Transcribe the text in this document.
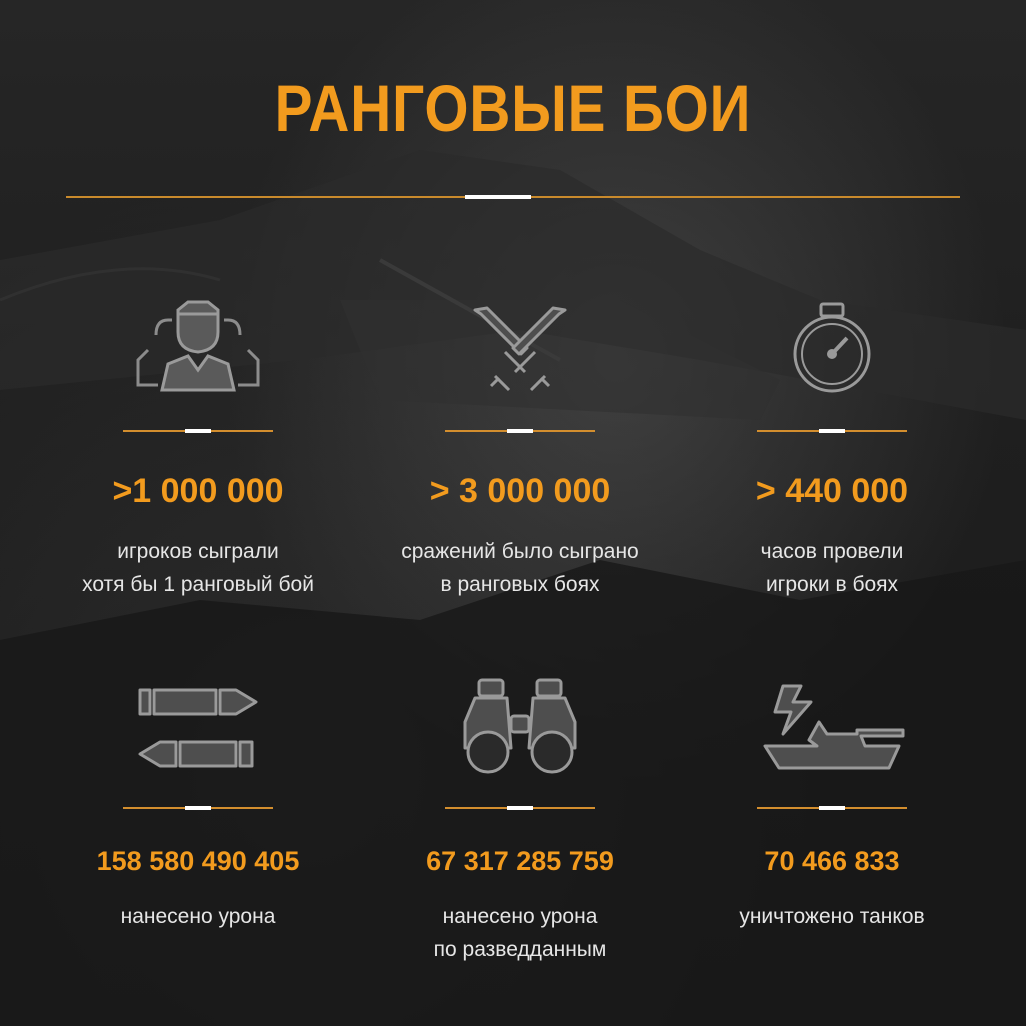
РАНГОВЫЕ БОИ
>1 000 000
игроков сыграли
хотя бы 1 ранговый бой
> 3 000 000
сражений было сыграно
в ранговых боях
> 440 000
часов провели
игроки в боях
158 580 490 405
нанесено урона
67 317 285 759
нанесено урона
по разведданным
70 466 833
уничтожено танков
